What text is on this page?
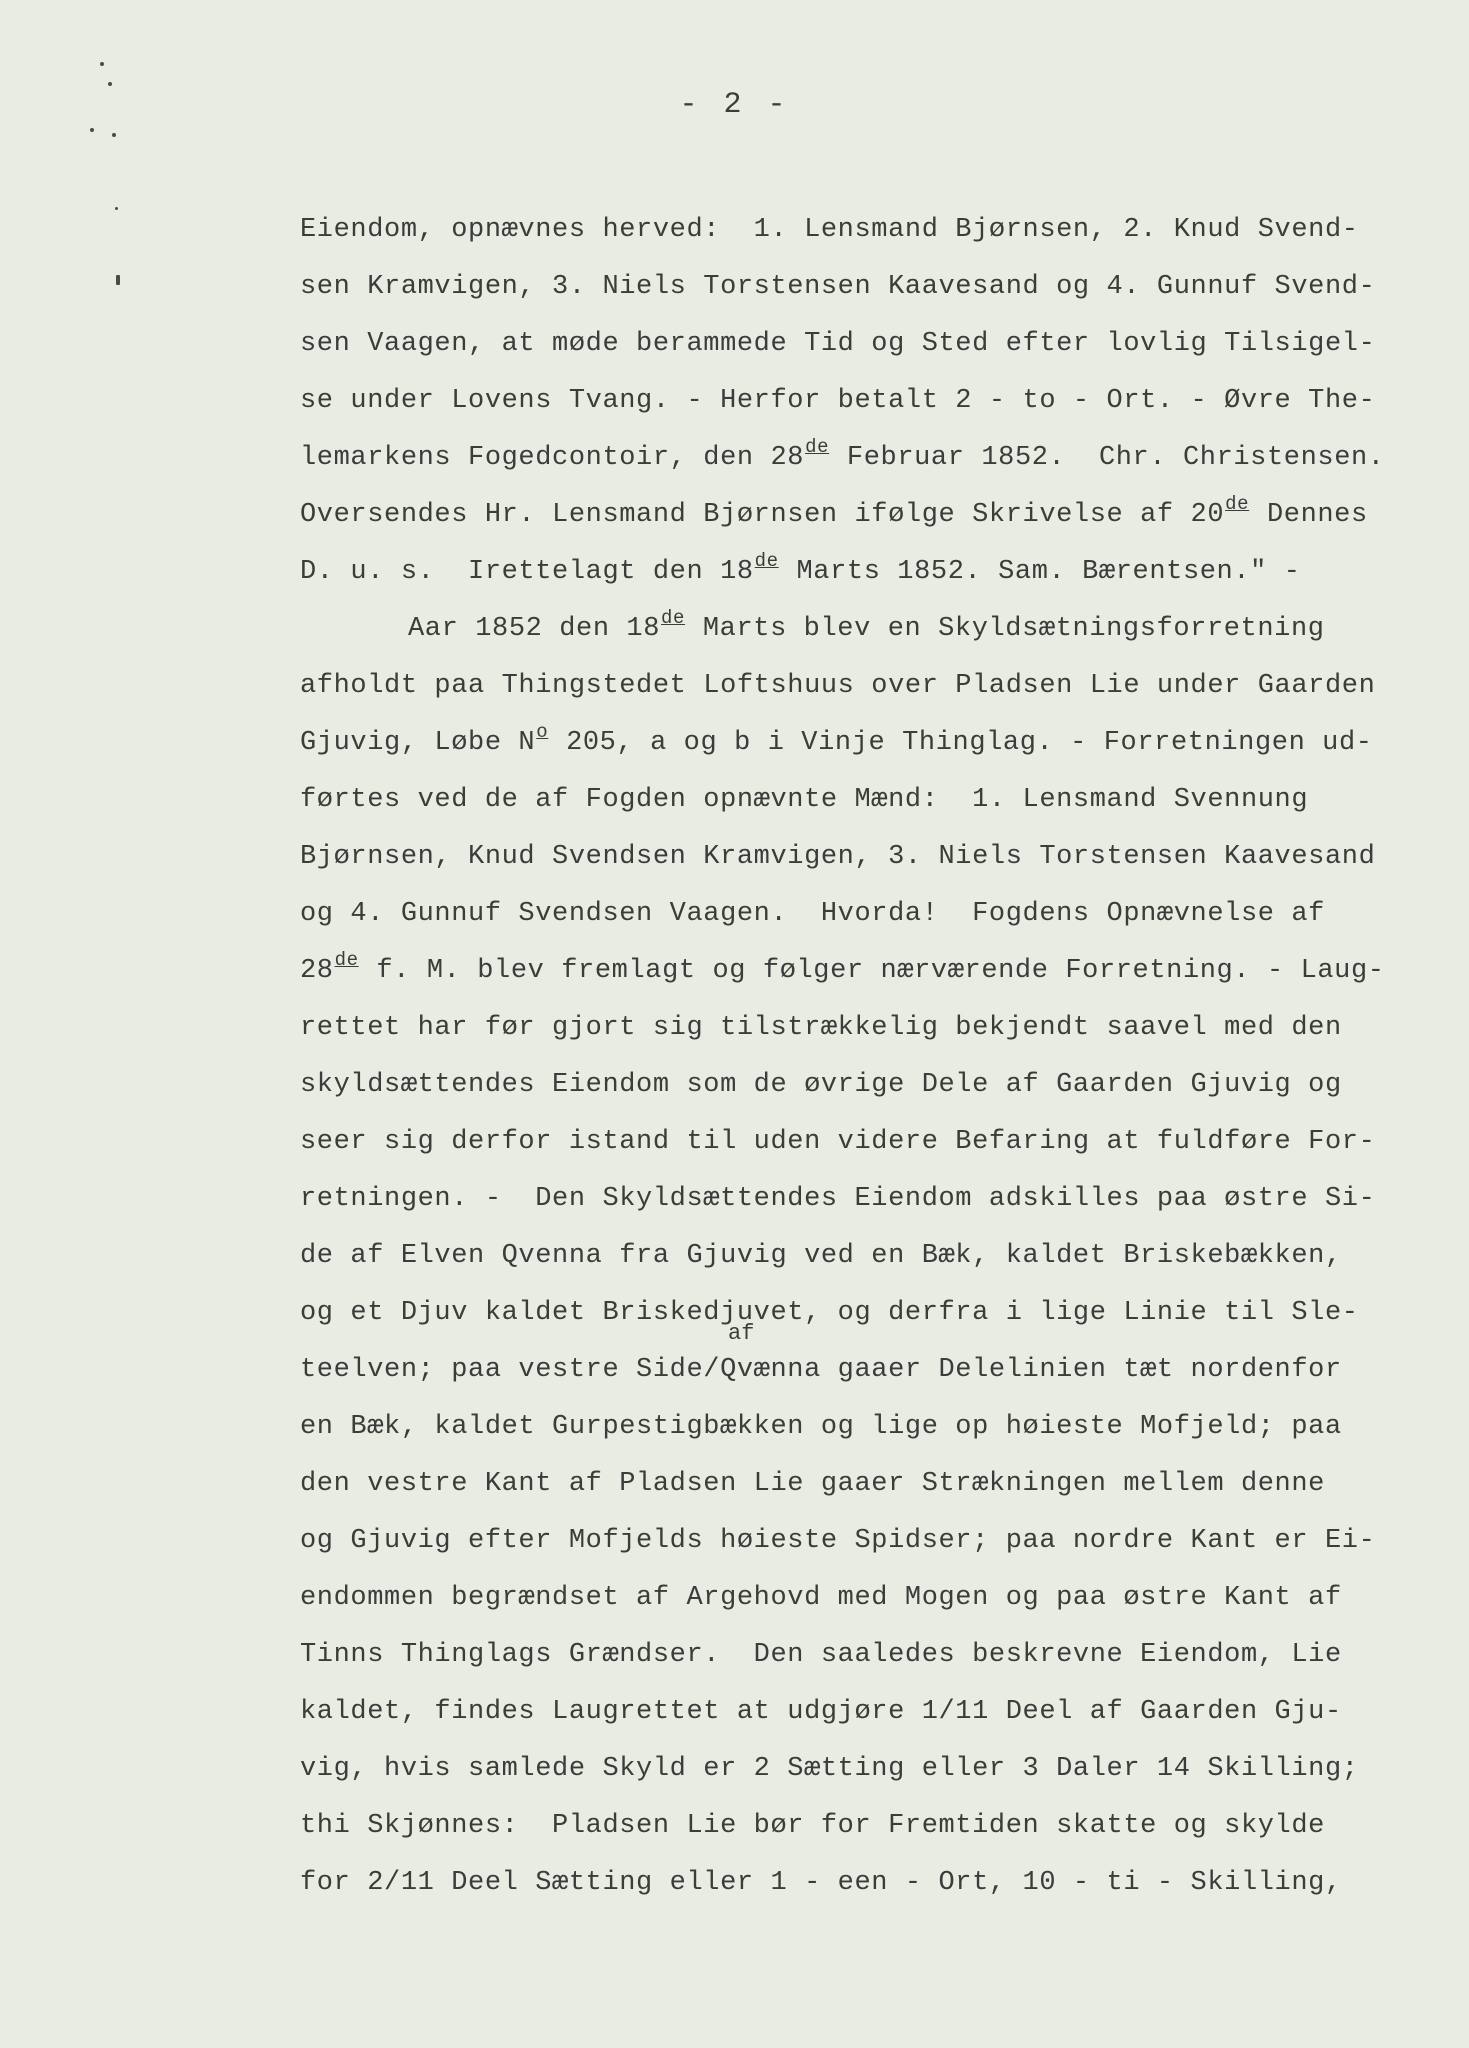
- 2 -
Eiendom, opnævnes herved:  1. Lensmand Bjørnsen, 2. Knud Svend-
sen Kramvigen, 3. Niels Torstensen Kaavesand og 4. Gunnuf Svend-
sen Vaagen, at møde berammede Tid og Sted efter lovlig Tilsigel-
se under Lovens Tvang. - Herfor betalt 2 - to - Ort. - Øvre The-
lemarkens Fogedcontoir, den 28de Februar 1852.  Chr. Christensen.
Oversendes Hr. Lensmand Bjørnsen ifølge Skrivelse af 20de Dennes
D. u. s.  Irettelagt den 18de Marts 1852. Sam. Bærentsen." -
Aar 1852 den 18de Marts blev en Skyldsætningsforretning
afholdt paa Thingstedet Loftshuus over Pladsen Lie under Gaarden
Gjuvig, Løbe $N^o$ 205, a og b i Vinje Thinglag. - Forretningen ud-
førtes ved de af Fogden opnævnte Mænd:  1. Lensmand Svennung
Bjørnsen, Knud Svendsen Kramvigen, 3. Niels Torstensen Kaavesand
og 4. Gunnuf Svendsen Vaagen.  Hvorda!  Fogdens Opnævnelse af
28de f. M. blev fremlagt og følger nærværende Forretning. - Laug-
rettet har før gjort sig tilstrækkelig bekjendt saavel med den
skyldsættendes Eiendom som de øvrige Dele af Gaarden Gjuvig og
seer sig derfor istand til uden videre Befaring at fuldføre For-
retningen. -  Den Skyldsættendes Eiendom adskilles paa østre Si-
de af Elven Qvenna fra Gjuvig ved en Bæk, kaldet Briskebækken,
og et Djuv kaldet Briskedjuvet, og derfra i lige Linie til Sle-
teelven; paa vestre Side/Qvænna gaaer Delelinien tæt nordenfor
en Bæk, kaldet Gurpestigbækken og lige op høieste Mofjeld; paa
den vestre Kant af Pladsen Lie gaaer Strækningen mellem denne
og Gjuvig efter Mofjelds høieste Spidser; paa nordre Kant er Ei-
endommen begrændset af Argehovd med Mogen og paa østre Kant af
Tinns Thinglags Grændser.  Den saaledes beskrevne Eiendom, Lie
kaldet, findes Laugrettet at udgjøre 1/11 Deel af Gaarden Gju-
vig, hvis samlede Skyld er 2 Sætting eller 3 Daler 14 Skilling;
thi Skjønnes:  Pladsen Lie bør for Fremtiden skatte og skylde
for 2/11 Deel Sætting eller 1 - een - Ort, 10 - ti - Skilling,
af
